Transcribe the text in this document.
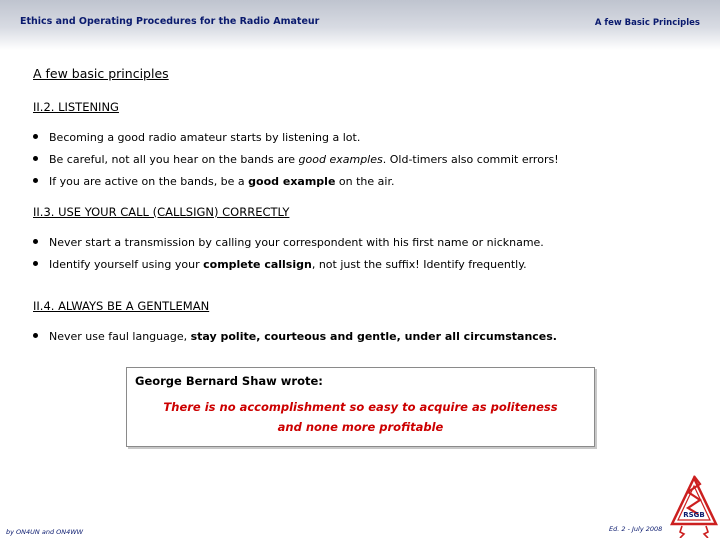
Ethics and Operating Procedures for the Radio Amateur	A few Basic Principles
A few basic principles
II.2. LISTENING
Becoming a good radio amateur starts by listening a lot.
Be careful, not all you hear on the bands are good examples. Old-timers also commit errors!
If you are active on the bands, be a good example on the air.
II.3. USE YOUR CALL (CALLSIGN) CORRECTLY
Never start a transmission by calling your correspondent with his first name or nickname.
Identify yourself using your complete callsign, not just the suffix! Identify frequently.
II.4. ALWAYS BE A GENTLEMAN
Never use faul language, stay polite, courteous and gentle, under all circumstances.
George Bernard Shaw wrote:
There is no accomplishment so easy to acquire as politeness
and none more profitable
by ON4UN and ON4WW	Ed. 2 - July 2008
RSGB
